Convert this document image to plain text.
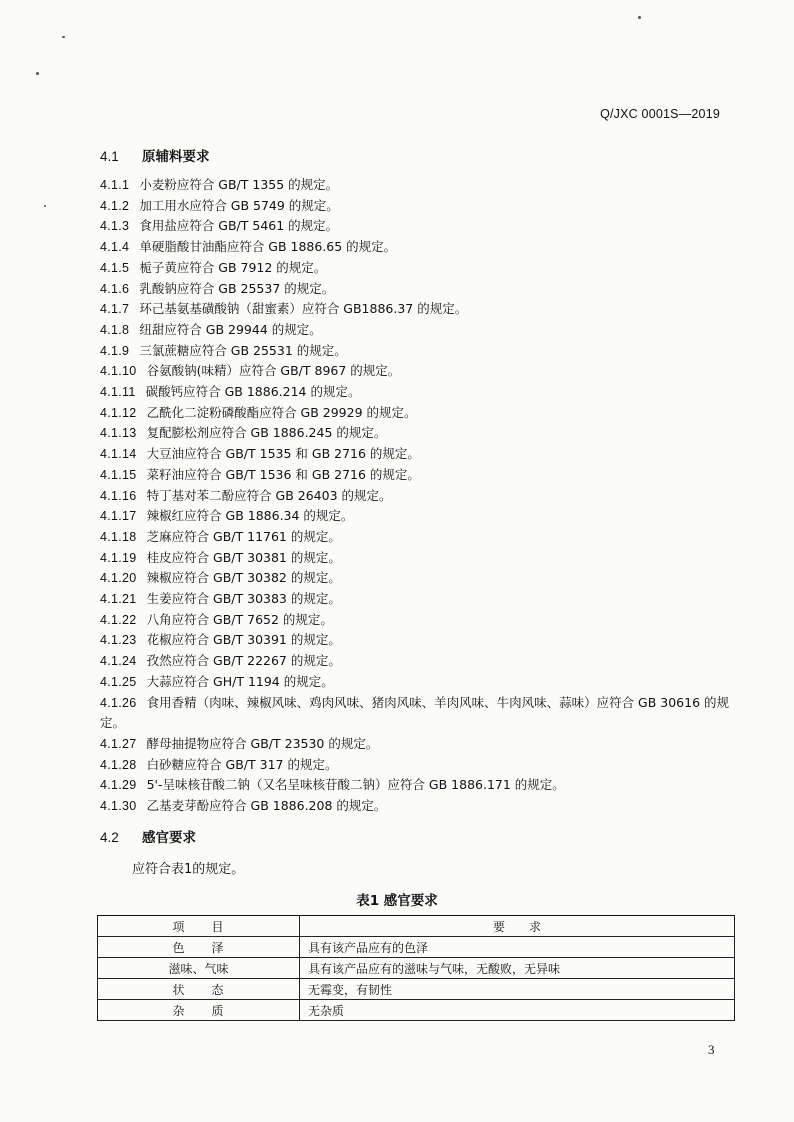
Q/JXC 0001S—2019
4.1 原辅料要求
4.1.1 小麦粉应符合 GB/T 1355 的规定。
4.1.2 加工用水应符合 GB 5749 的规定。
4.1.3 食用盐应符合 GB/T 5461 的规定。
4.1.4 单硬脂酸甘油酯应符合 GB 1886.65 的规定。
4.1.5 栀子黄应符合 GB 7912 的规定。
4.1.6 乳酸钠应符合 GB 25537 的规定。
4.1.7 环己基氨基磺酸钠（甜蜜素）应符合 GB1886.37 的规定。
4.1.8 纽甜应符合 GB 29944 的规定。
4.1.9 三氯蔗糖应符合 GB 25531 的规定。
4.1.10 谷氨酸钠(味精）应符合 GB/T 8967 的规定。
4.1.11 碳酸钙应符合 GB 1886.214 的规定。
4.1.12 乙酰化二淀粉磷酸酯应符合 GB 29929 的规定。
4.1.13 复配膨松剂应符合 GB 1886.245 的规定。
4.1.14 大豆油应符合 GB/T 1535 和 GB 2716 的规定。
4.1.15 菜籽油应符合 GB/T 1536 和 GB 2716 的规定。
4.1.16 特丁基对苯二酚应符合 GB 26403 的规定。
4.1.17 辣椒红应符合 GB 1886.34 的规定。
4.1.18 芝麻应符合 GB/T 11761 的规定。
4.1.19 桂皮应符合 GB/T 30381 的规定。
4.1.20 辣椒应符合 GB/T 30382 的规定。
4.1.21 生姜应符合 GB/T 30383 的规定。
4.1.22 八角应符合 GB/T 7652 的规定。
4.1.23 花椒应符合 GB/T 30391 的规定。
4.1.24 孜然应符合 GB/T 22267 的规定。
4.1.25 大蒜应符合 GH/T 1194 的规定。
4.1.26 食用香精（肉味、辣椒风味、鸡肉风味、猪肉风味、羊肉风味、牛肉风味、蒜味）应符合 GB 30616 的规定。
4.1.27 酵母抽提物应符合 GB/T 23530 的规定。
4.1.28 白砂糖应符合 GB/T 317 的规定。
4.1.29 5'-呈味核苷酸二钠（又名呈味核苷酸二钠）应符合 GB 1886.171 的规定。
4.1.30 乙基麦芽酚应符合 GB 1886.208 的规定。
4.2 感官要求
应符合表1的规定。
表1 感官要求
项　　目	要　　求
色　　泽	具有该产品应有的色泽
滋味、气味	具有该产品应有的滋味与气味，无酸败，无异味
状　　态	无霉变，有韧性
杂　　质	无杂质
3
